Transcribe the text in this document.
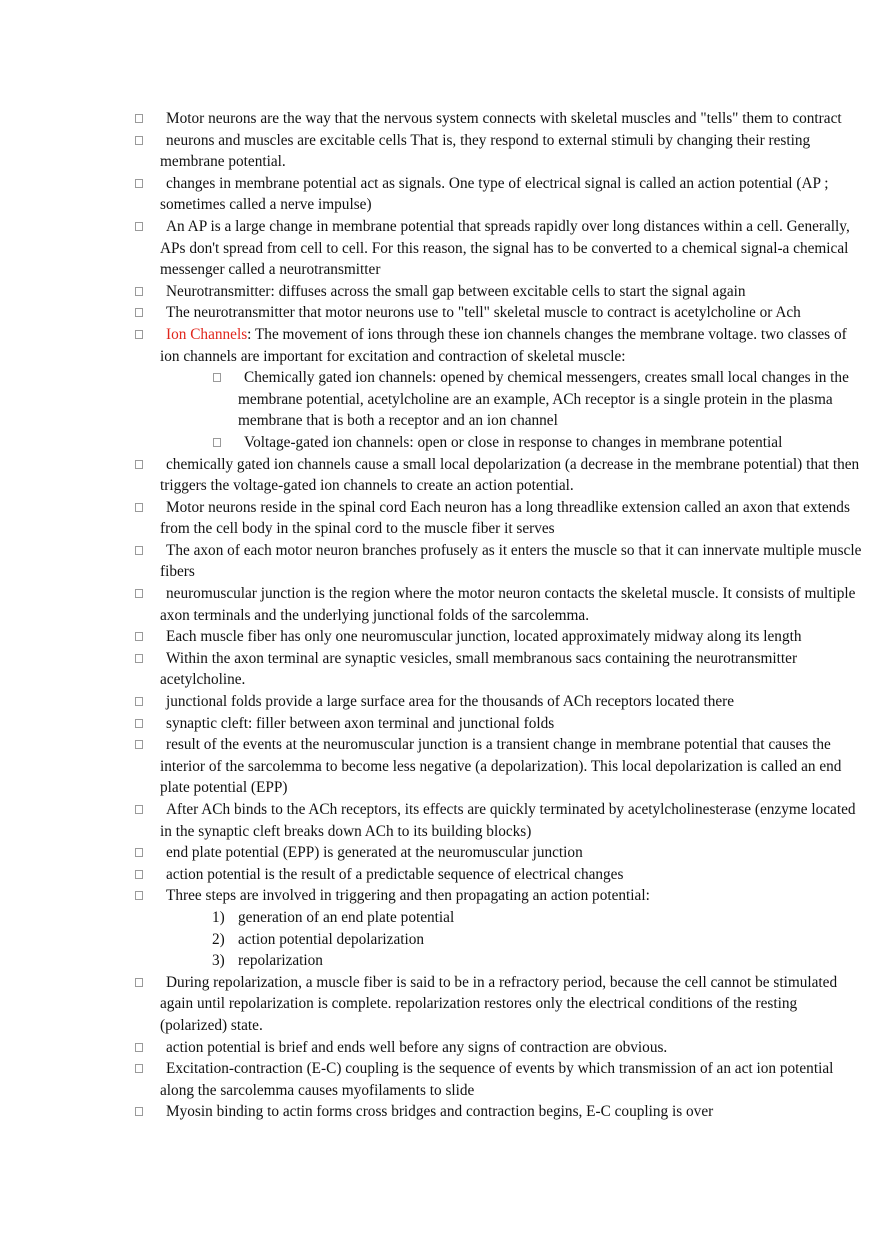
Motor neurons are the way that the nervous system connects with skeletal muscles and "tells" them to contract
neurons and muscles are excitable cells That is, they respond to external stimuli by changing their resting membrane potential.
changes in membrane potential act as signals. One type of electrical signal is called an action potential (AP ; sometimes called a nerve impulse)
An AP is a large change in membrane potential that spreads rapidly over long distances within a cell. Generally, APs don't spread from cell to cell. For this reason, the signal has to be converted to a chemical signal-a chemical messenger called a neurotransmitter
Neurotransmitter: diffuses across the small gap between excitable cells to start the signal again
The neurotransmitter that motor neurons use to "tell" skeletal muscle to contract is acetylcholine or Ach
Ion Channels: The movement of ions through these ion channels changes the membrane voltage. two classes of ion channels are important for excitation and contraction of skeletal muscle:
Chemically gated ion channels: opened by chemical messengers, creates small local changes in the membrane potential, acetylcholine are an example, ACh receptor is a single protein in the plasma membrane that is both a receptor and an ion channel
Voltage-gated ion channels: open or close in response to changes in membrane potential
chemically gated ion channels cause a small local depolarization (a decrease in the membrane potential) that then triggers the voltage-gated ion channels to create an action potential.
Motor neurons reside in the spinal cord Each neuron has a long threadlike extension called an axon that extends from the cell body in the spinal cord to the muscle fiber it serves
The axon of each motor neuron branches profusely as it enters the muscle so that it can innervate multiple muscle fibers
neuromuscular junction is the region where the motor neuron contacts the skeletal muscle. It consists of multiple axon terminals and the underlying junctional folds of the sarcolemma.
Each muscle fiber has only one neuromuscular junction, located approximately midway along its length
Within the axon terminal are synaptic vesicles, small membranous sacs containing the neurotransmitter acetylcholine.
junctional folds provide a large surface area for the thousands of ACh receptors located there
synaptic cleft: filler between axon terminal and junctional folds
result of the events at the neuromuscular junction is a transient change in membrane potential that causes the interior of the sarcolemma to become less negative (a depolarization). This local depolarization is called an end plate potential (EPP)
After ACh binds to the ACh receptors, its effects are quickly terminated by acetylcholinesterase (enzyme located in the synaptic cleft breaks down ACh to its building blocks)
end plate potential (EPP) is generated at the neuromuscular junction
action potential is the result of a predictable sequence of electrical changes
Three steps are involved in triggering and then propagating an action potential:
1) generation of an end plate potential
2) action potential depolarization
3) repolarization
During repolarization, a muscle fiber is said to be in a refractory period, because the cell cannot be stimulated again until repolarization is complete. repolarization restores only the electrical conditions of the resting (polarized) state.
action potential is brief and ends well before any signs of contraction are obvious.
Excitation-contraction (E-C) coupling is the sequence of events by which transmission of an act ion potential along the sarcolemma causes myofilaments to slide
Myosin binding to actin forms cross bridges and contraction begins, E-C coupling is over
